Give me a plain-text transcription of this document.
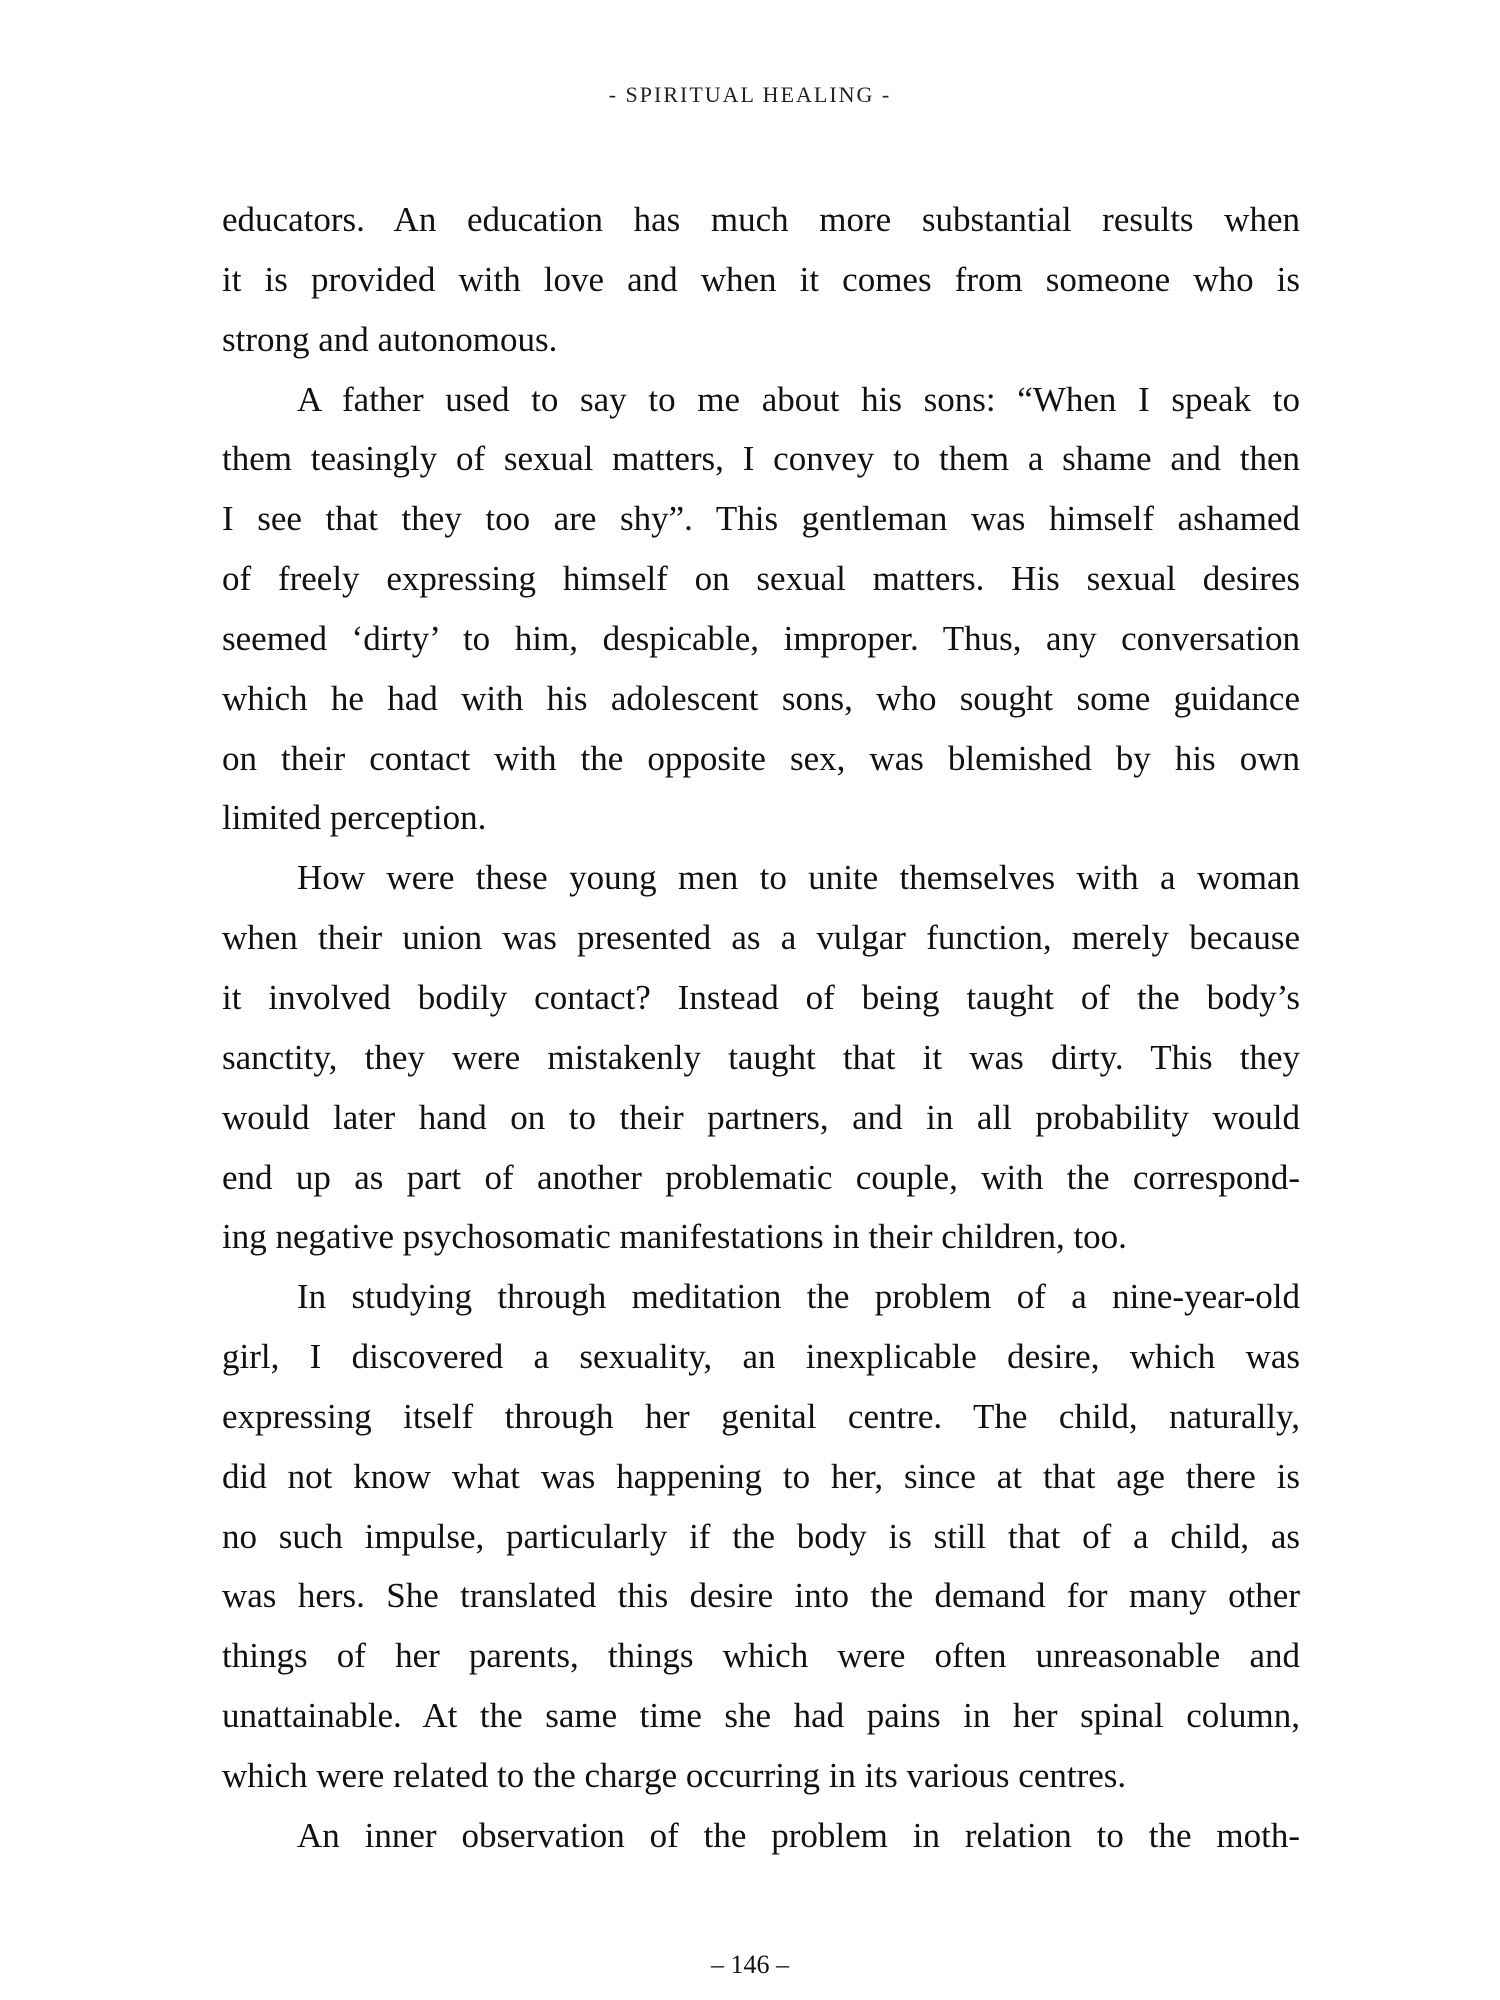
- SPIRITUAL HEALING -
educators. An education has much more substantial results when
it is provided with love and when it comes from someone who is
strong and autonomous.
A father used to say to me about his sons: “When I speak to
them teasingly of sexual matters, I convey to them a shame and then
I see that they too are shy”. This gentleman was himself ashamed
of freely expressing himself on sexual matters. His sexual desires
seemed ‘dirty’ to him, despicable, improper. Thus, any conversation
which he had with his adolescent sons, who sought some guidance
on their contact with the opposite sex, was blemished by his own
limited perception.
How were these young men to unite themselves with a woman
when their union was presented as a vulgar function, merely because
it involved bodily contact? Instead of being taught of the body’s
sanctity, they were mistakenly taught that it was dirty. This they
would later hand on to their partners, and in all probability would
end up as part of another problematic couple, with the correspond-
ing negative psychosomatic manifestations in their children, too.
In studying through meditation the problem of a nine-year-old
girl, I discovered a sexuality, an inexplicable desire, which was
expressing itself through her genital centre. The child, naturally,
did not know what was happening to her, since at that age there is
no such impulse, particularly if the body is still that of a child, as
was hers. She translated this desire into the demand for many other
things of her parents, things which were often unreasonable and
unattainable. At the same time she had pains in her spinal column,
which were related to the charge occurring in its various centres.
An inner observation of the problem in relation to the moth-
– 146 –
